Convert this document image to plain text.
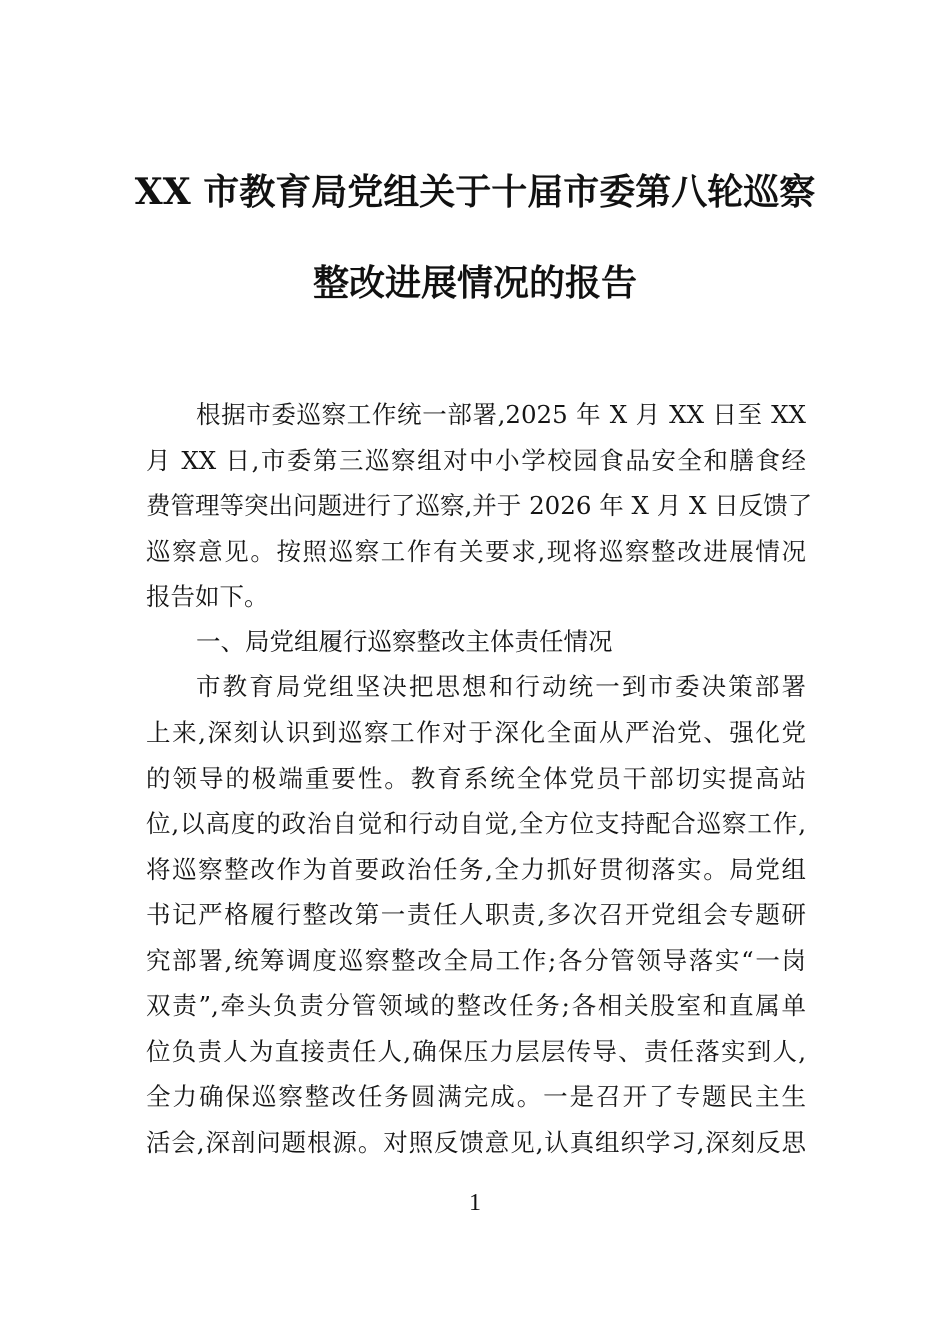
XX 市教育局党组关于十届市委第八轮巡察
整改进展情况的报告
根据市委巡察工作统一部署,2025 年 X 月 XX 日至 XX
月 XX 日,市委第三巡察组对中小学校园食品安全和膳食经
费管理等突出问题进行了巡察,并于 2026 年 X 月 X 日反馈了
巡察意见。按照巡察工作有关要求,现将巡察整改进展情况
报告如下。
一、局党组履行巡察整改主体责任情况
市教育局党组坚决把思想和行动统一到市委决策部署
上来,深刻认识到巡察工作对于深化全面从严治党、强化党
的领导的极端重要性。教育系统全体党员干部切实提高站
位,以高度的政治自觉和行动自觉,全方位支持配合巡察工作,
将巡察整改作为首要政治任务,全力抓好贯彻落实。局党组
书记严格履行整改第一责任人职责,多次召开党组会专题研
究部署,统筹调度巡察整改全局工作;各分管领导落实“一岗
双责”,牵头负责分管领域的整改任务;各相关股室和直属单
位负责人为直接责任人,确保压力层层传导、责任落实到人,
全力确保巡察整改任务圆满完成。一是召开了专题民主生
活会,深剖问题根源。对照反馈意见,认真组织学习,深刻反思
1
